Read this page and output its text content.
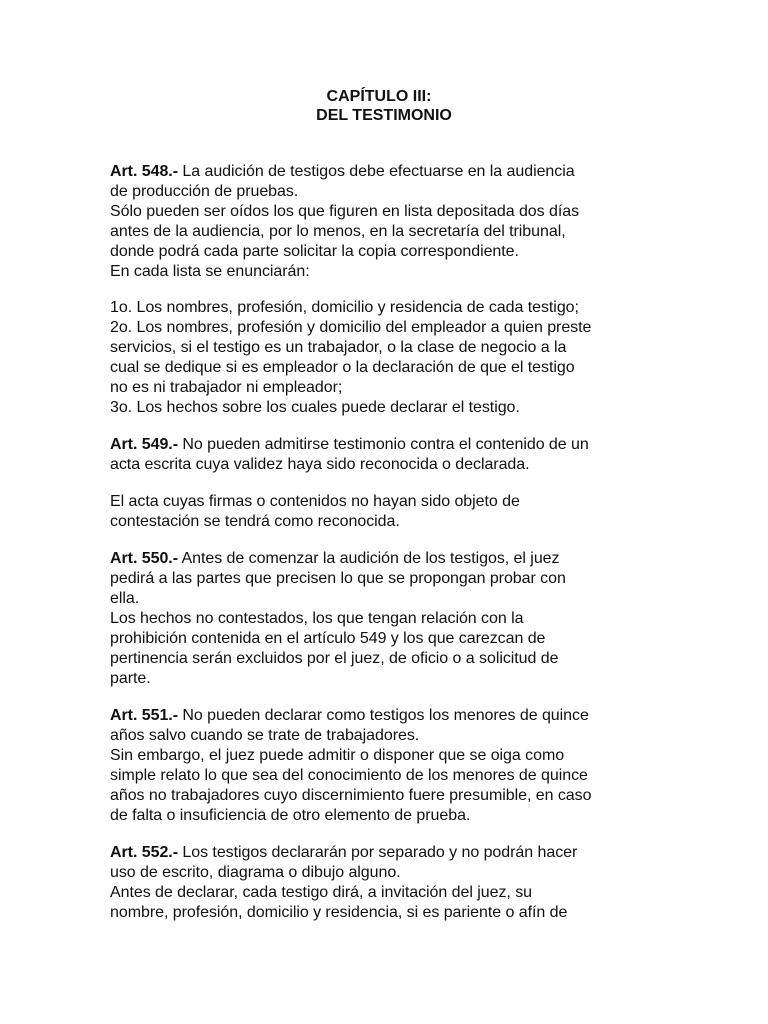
CAPÍTULO III:

DEL TESTIMONIO

Art. 548.- La audición de testigos debe efectuarse en la audiencia

de producción de pruebas.

Sólo pueden ser oídos los que figuren en lista depositada dos días

antes de la audiencia, por lo menos, en la secretaría del tribunal,

donde podrá cada parte solicitar la copia correspondiente.

En cada lista se enunciarán:

1o. Los nombres, profesión, domicilio y residencia de cada testigo;

2o. Los nombres, profesión y domicilio del empleador a quien preste

servicios, si el testigo es un trabajador, o la clase de negocio a la

cual se dedique si es empleador o la declaración de que el testigo

no es ni trabajador ni empleador;

3o. Los hechos sobre los cuales puede declarar el testigo.

Art. 549.- No pueden admitirse testimonio contra el contenido de un

acta escrita cuya validez haya sido reconocida o declarada.

El acta cuyas firmas o contenidos no hayan sido objeto de

contestación se tendrá como reconocida.

Art. 550.- Antes de comenzar la audición de los testigos, el juez

pedirá a las partes que precisen lo que se propongan probar con

ella.

Los hechos no contestados, los que tengan relación con la

prohibición contenida en el artículo 549 y los que carezcan de

pertinencia serán excluidos por el juez, de oficio o a solicitud de

parte.

Art. 551.- No pueden declarar como testigos los menores de quince

años salvo cuando se trate de trabajadores.

Sin embargo, el juez puede admitir o disponer que se oiga como

simple relato lo que sea del conocimiento de los menores de quince

años no trabajadores cuyo discernimiento fuere presumible, en caso

de falta o insuficiencia de otro elemento de prueba.

Art. 552.- Los testigos declararán por separado y no podrán hacer

uso de escrito, diagrama o dibujo alguno.

Antes de declarar, cada testigo dirá, a invitación del juez, su

nombre, profesión, domicilio y residencia, si es pariente o afín de
